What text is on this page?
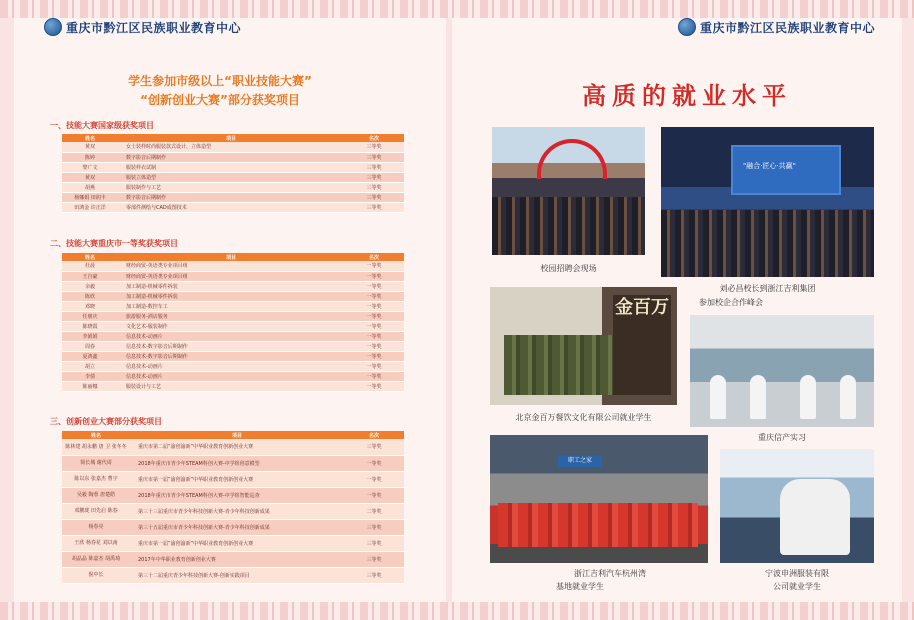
重庆市黔江区民族职业教育中心	重庆市黔江区民族职业教育中心
学生参加市级以上“职业技能大赛”
“创新创业大赛”部分获奖项目
一、技能大赛国家级获奖项目
姓名	项目	名次
黄双	女士装样时尚服装款式设计、立体造型	三等奖
陈婷	数字影音后期制作	三等奖
黎广文	服装样衣试制	三等奖
黄双	服装立体造型	三等奖
胡燕	服装制作与工艺	三等奖
杨娜娟 田润丰	数字影音后期制作	三等奖
田鸿金 许正洋	零部件测绘与CAD成图技术	三等奖
二、技能大赛重庆市一等奖获奖项目
姓名	项目	名次
杜晨	财经商贸-英语类专业项目组	一等奖
王自豪	财经商贸-英语类专业项目组	一等奖
余毅	加工制造-机械零件拆装	一等奖
陈欣	加工制造-机械零件拆装	一等奖
邓晓	加工制造-数控车工	一等奖
任朋庆	旅游服务-酒店服务	一等奖
陈晓霞	文化艺术-服装制作	一等奖
李娟娟	信息技术-动画片	一等奖
周春	信息技术-数字影音后期制作	一等奖
夏鸿鑫	信息技术-数字影音后期制作	一等奖
胡立	信息技术-动画片	一等奖
李倩	信息技术-动画片	一等奖
陈丽娜	服装设计与工艺	一等奖
三、创新创业大赛部分获奖项目
姓名	项目	名次
陈林建 胡永鹏 唐 卫 张冬冬	重庆市第二届“渝创渝新”中华职业教育创新创业大赛	三等奖
简长城 谢代周	2018年重庆市青少年STEAM科创大赛-中学组创意模型	一等奖
陈以东 张嘉杰 曹宇	重庆市第一届“渝创渝新”中华职业教育创新创业大赛	一等奖
吴毅 陶蓉 唐楚皓	2018年重庆市青少年STEAM科创大赛-中学组智能巡查	一等奖
邓鹏珑 田先启 陈春	第三十三届重庆市青少年科技创新大赛-青少年科技创新成果	二等奖
杨春亮	第三十五届重庆市青少年科技创新大赛-青少年科技创新成果	三等奖
王欣 杨春花 刘以南	重庆市第一届“渝创渝新”中华职业教育创新创业大赛	三等奖
胡晶晶 陈嘉杰 胡禹琦	2017年中华职业教育创新创业大赛	三等奖
倪中长	第三十二届重庆青少年科技创新大赛-创新实践项目	三等奖
高质的就业水平
校园招聘会现场
"融合·匠心·共赢"
刘必昌校长到浙江吉利集团
参加校企合作峰会
金百万
北京金百万餐饮文化有限公司就业学生
重庆信产实习
职工之家
浙江吉利汽车杭州湾
基地就业学生
宁波申洲服装有限
公司就业学生
